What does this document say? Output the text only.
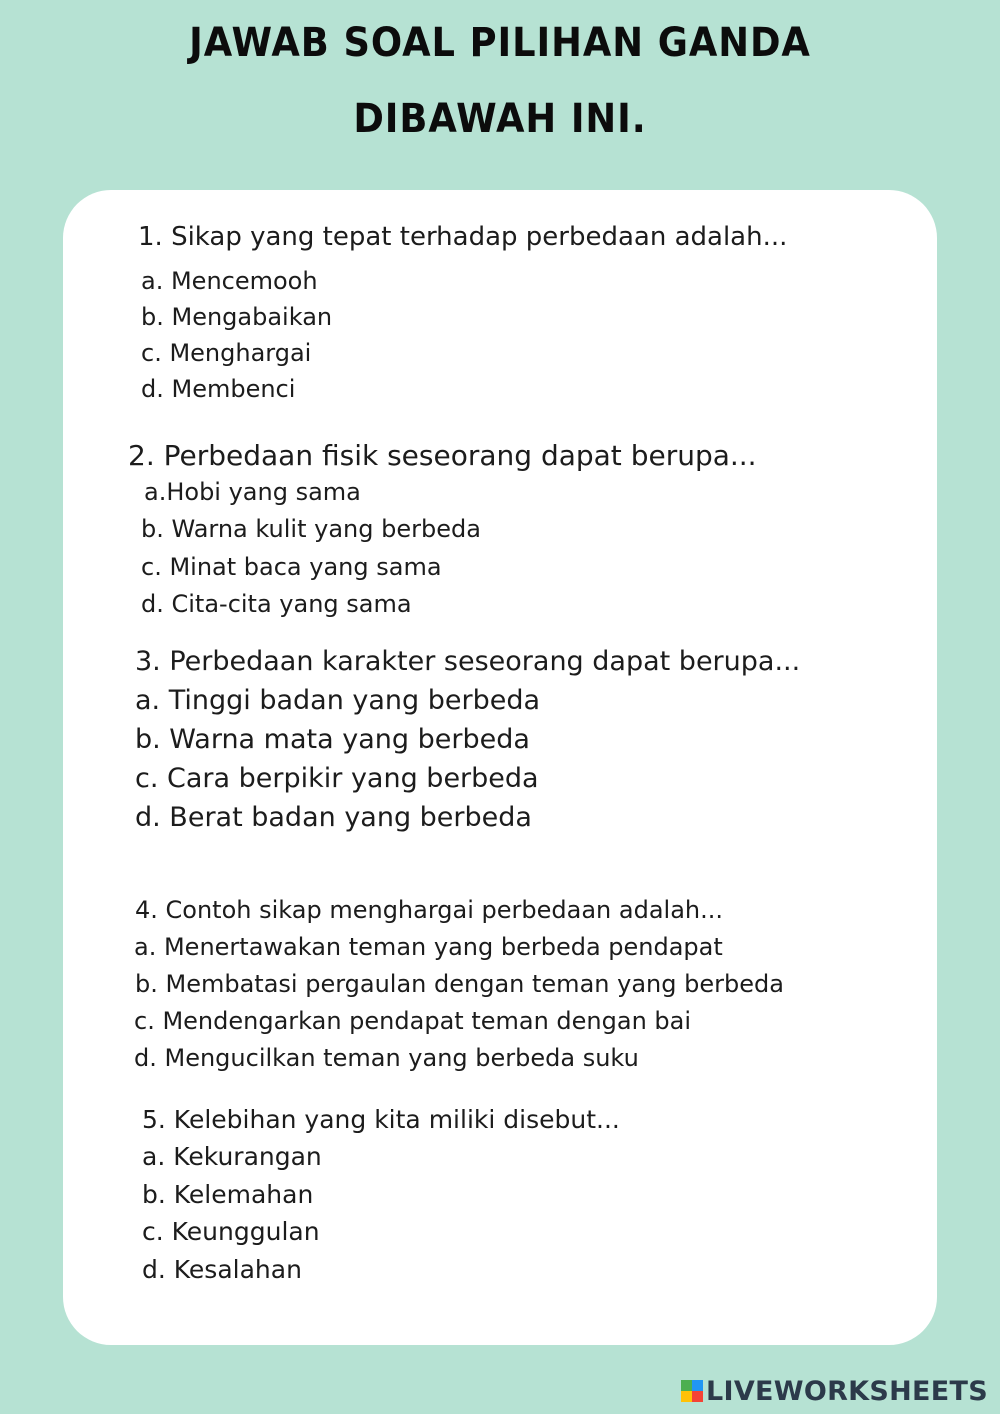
JAWAB SOAL PILIHAN GANDA
DIBAWAH INI.
1. Sikap yang tepat terhadap perbedaan adalah...
a. Mencemooh
b. Mengabaikan
c. Menghargai
d. Membenci
2. Perbedaan fisik seseorang dapat berupa...
a.Hobi yang sama
b. Warna kulit yang berbeda
c. Minat baca yang sama
d. Cita-cita yang sama
3. Perbedaan karakter seseorang dapat berupa...
a. Tinggi badan yang berbeda
b. Warna mata yang berbeda
c. Cara berpikir yang berbeda
d. Berat badan yang berbeda
4. Contoh sikap menghargai perbedaan adalah...
a. Menertawakan teman yang berbeda pendapat
b. Membatasi pergaulan dengan teman yang berbeda
c. Mendengarkan pendapat teman dengan bai
d. Mengucilkan teman yang berbeda suku
5. Kelebihan yang kita miliki disebut...
a. Kekurangan
b. Kelemahan
c. Keunggulan
d. Kesalahan
LIVEWORKSHEETS
